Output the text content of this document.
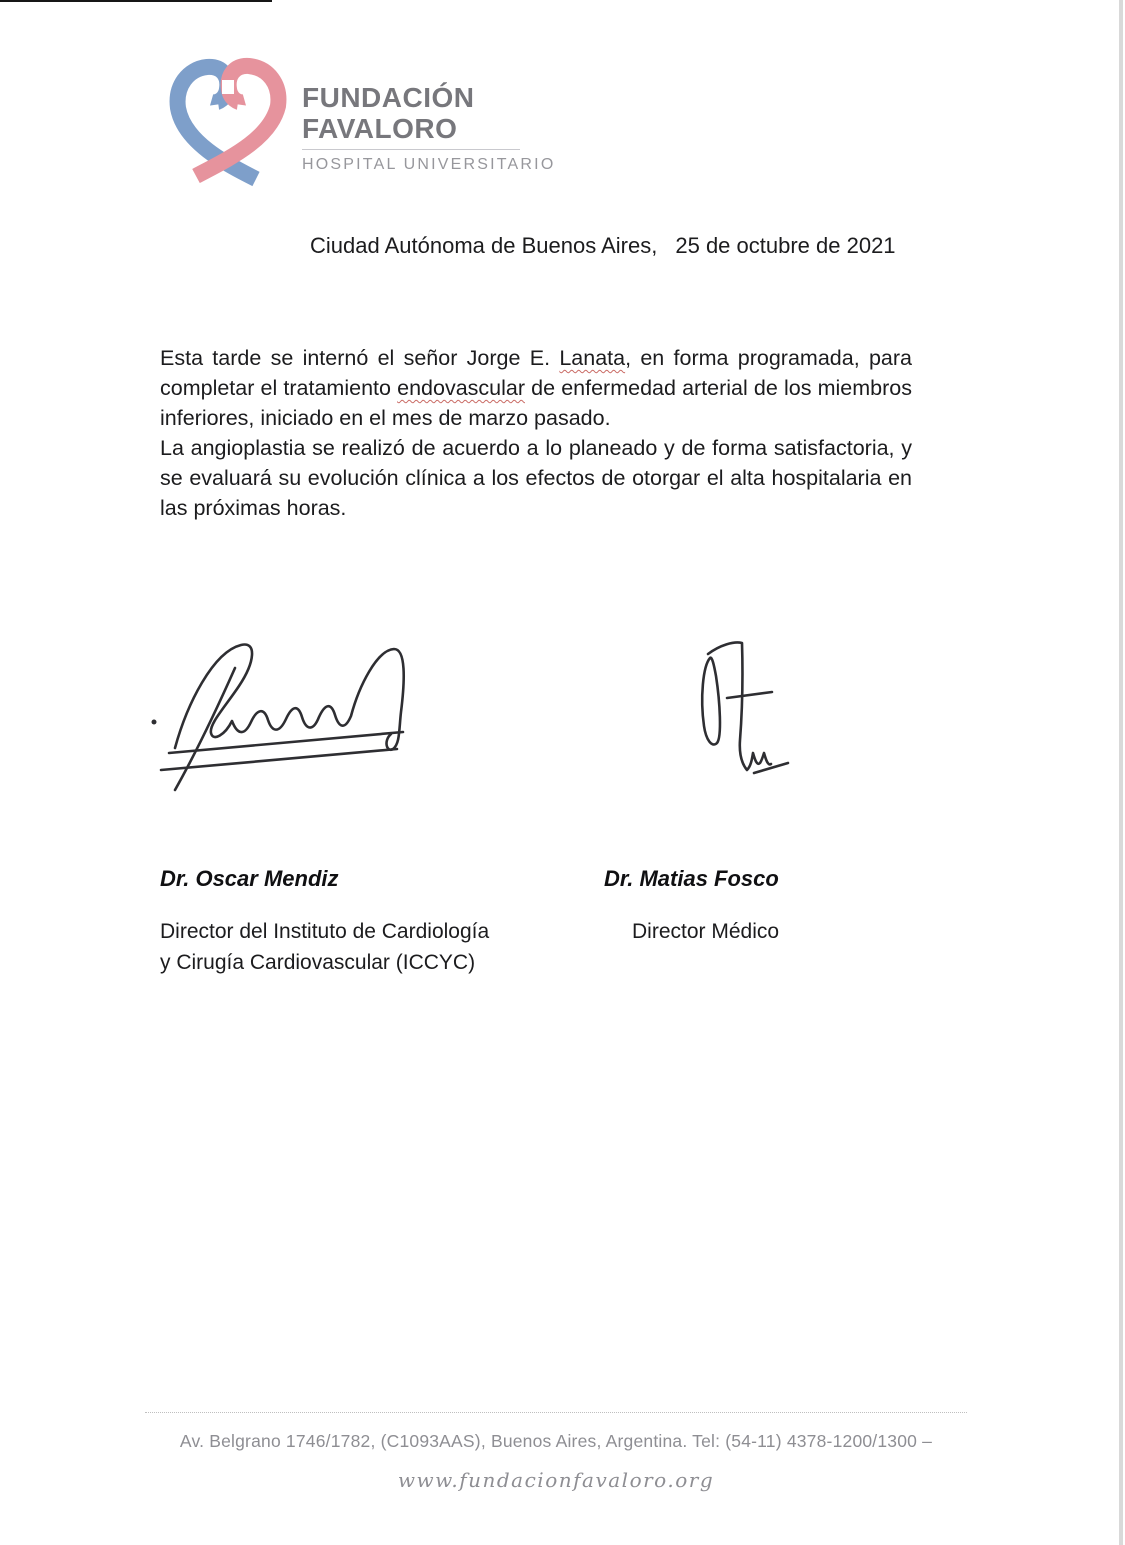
FUNDACIÓN
FAVALORO
HOSPITAL UNIVERSITARIO
Ciudad Autónoma de Buenos Aires, 25 de octubre de 2021

Esta tarde se internó el señor Jorge E. Lanata, en forma programada, para completar el tratamiento endovascular de enfermedad arterial de los miembros inferiores, iniciado en el mes de marzo pasado.

La angioplastia se realizó de acuerdo a lo planeado y de forma satisfactoria, y se evaluará su evolución clínica a los efectos de otorgar el alta hospitalaria en las próximas horas.

Dr. Oscar Mendiz	Dr. Matias Fosco
Director del Instituto de Cardiología
y Cirugía Cardiovascular (ICCYC)
Director Médico
Av. Belgrano 1746/1782, (C1093AAS), Buenos Aires, Argentina. Tel: (54-11) 4378-1200/1300 –
www.fundacionfavaloro.org
